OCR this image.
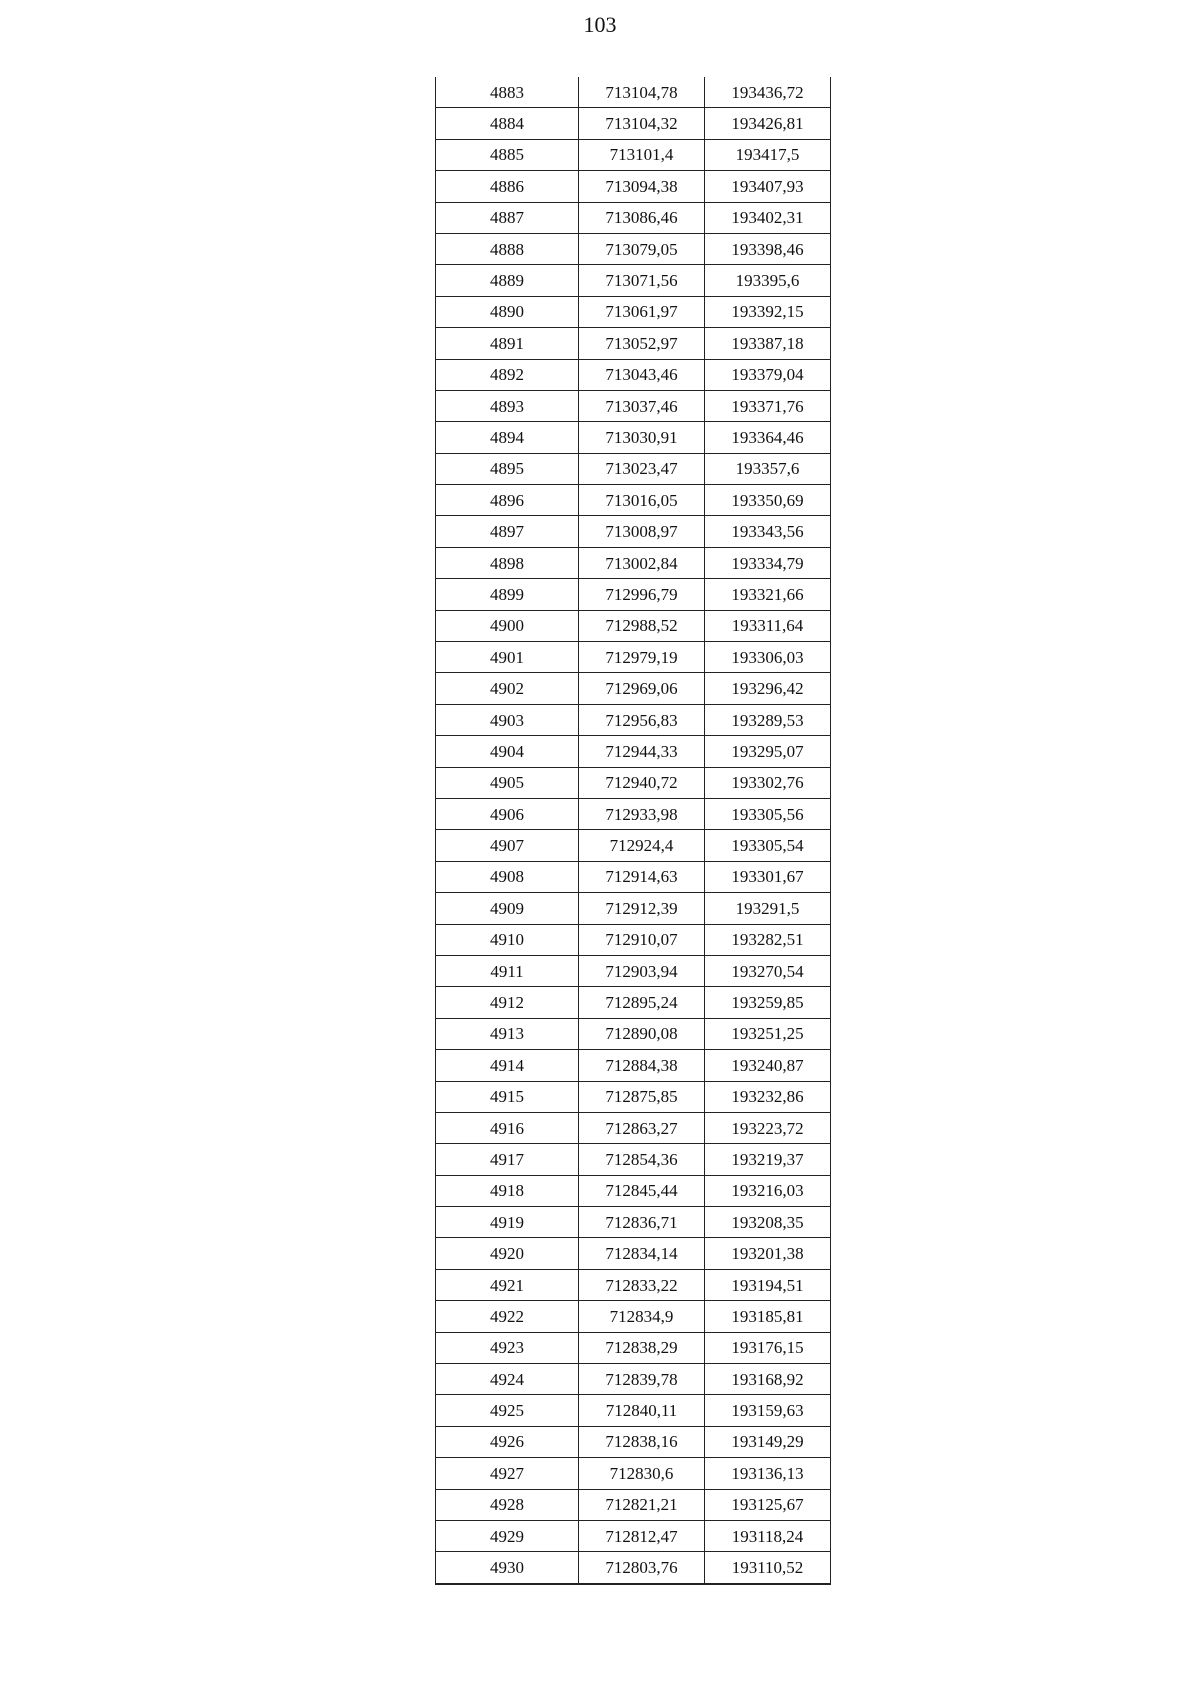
103
4883	713104,78	193436,72
4884	713104,32	193426,81
4885	713101,4	193417,5
4886	713094,38	193407,93
4887	713086,46	193402,31
4888	713079,05	193398,46
4889	713071,56	193395,6
4890	713061,97	193392,15
4891	713052,97	193387,18
4892	713043,46	193379,04
4893	713037,46	193371,76
4894	713030,91	193364,46
4895	713023,47	193357,6
4896	713016,05	193350,69
4897	713008,97	193343,56
4898	713002,84	193334,79
4899	712996,79	193321,66
4900	712988,52	193311,64
4901	712979,19	193306,03
4902	712969,06	193296,42
4903	712956,83	193289,53
4904	712944,33	193295,07
4905	712940,72	193302,76
4906	712933,98	193305,56
4907	712924,4	193305,54
4908	712914,63	193301,67
4909	712912,39	193291,5
4910	712910,07	193282,51
4911	712903,94	193270,54
4912	712895,24	193259,85
4913	712890,08	193251,25
4914	712884,38	193240,87
4915	712875,85	193232,86
4916	712863,27	193223,72
4917	712854,36	193219,37
4918	712845,44	193216,03
4919	712836,71	193208,35
4920	712834,14	193201,38
4921	712833,22	193194,51
4922	712834,9	193185,81
4923	712838,29	193176,15
4924	712839,78	193168,92
4925	712840,11	193159,63
4926	712838,16	193149,29
4927	712830,6	193136,13
4928	712821,21	193125,67
4929	712812,47	193118,24
4930	712803,76	193110,52
